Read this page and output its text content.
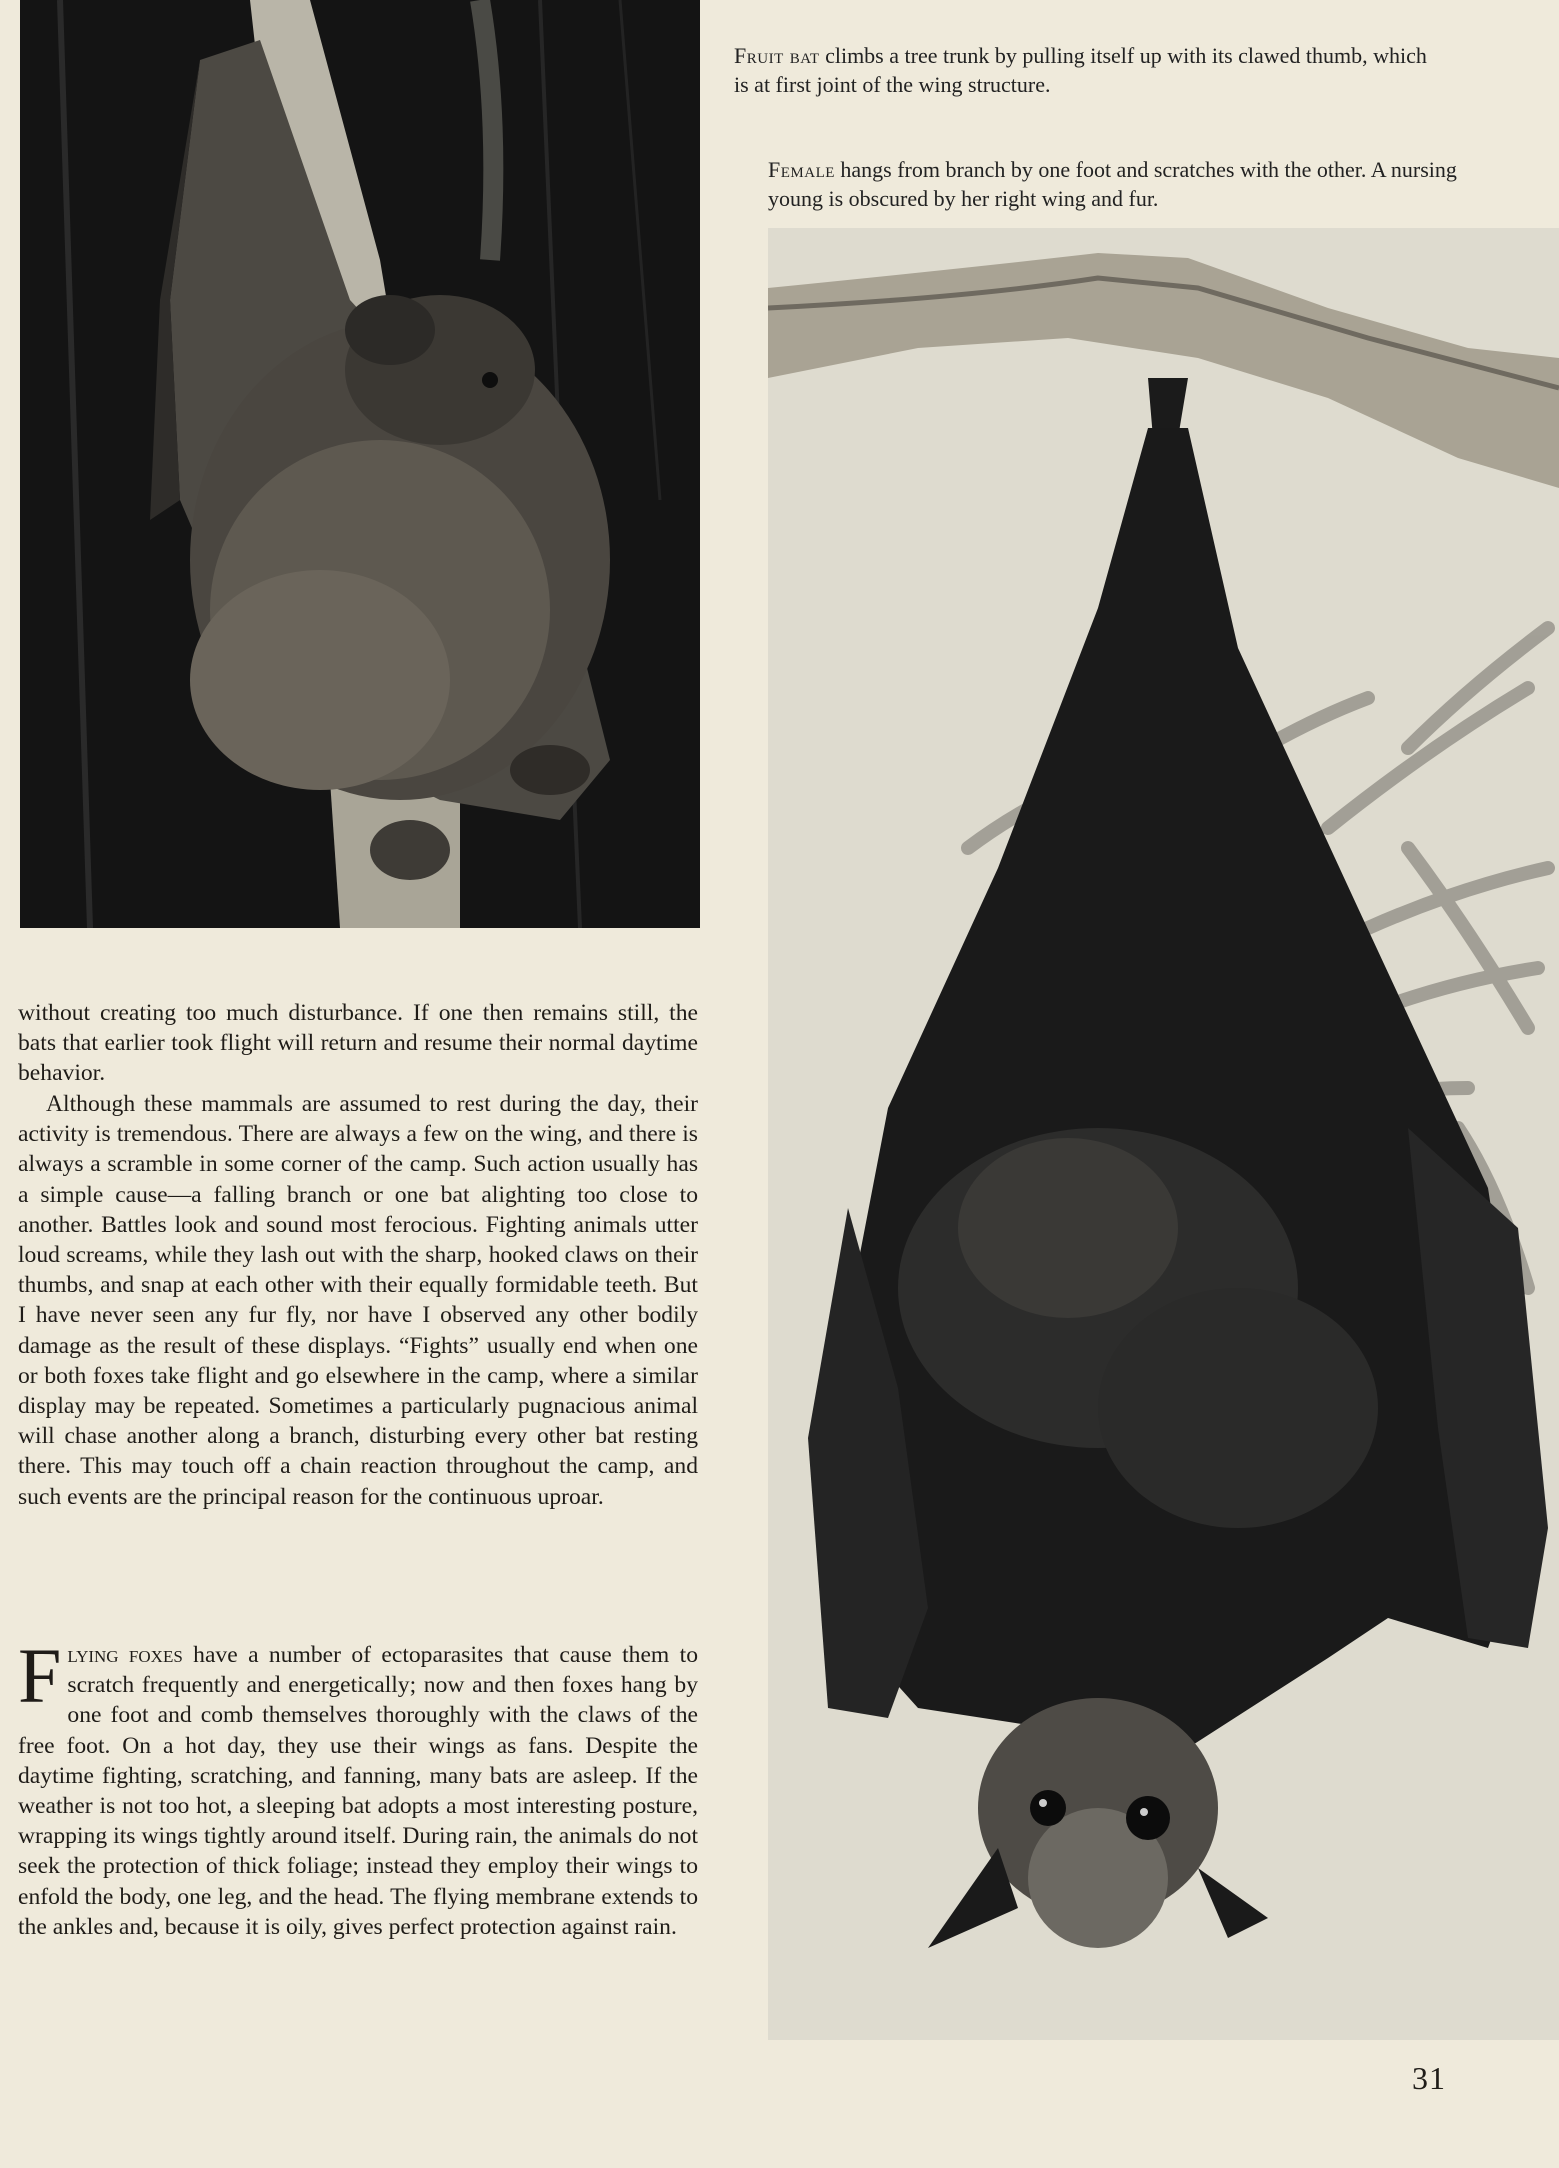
Fruit bat climbs a tree trunk by pulling itself up with its clawed thumb, which is at first joint of the wing structure.
Female hangs from branch by one foot and scratches with the other. A nursing young is obscured by her right wing and fur.

without creating too much disturbance. If one then remains still, the bats that earlier took flight will return and resume their normal daytime behavior.

Although these mammals are assumed to rest during the day, their activity is tremendous. There are always a few on the wing, and there is always a scramble in some corner of the camp. Such action usually has a simple cause—a falling branch or one bat alighting too close to another. Battles look and sound most ferocious. Fighting animals utter loud screams, while they lash out with the sharp, hooked claws on their thumbs, and snap at each other with their equally formidable teeth. But I have never seen any fur fly, nor have I observed any other bodily damage as the result of these displays. “Fights” usually end when one or both foxes take flight and go elsewhere in the camp, where a similar display may be repeated. Sometimes a particularly pugnacious animal will chase another along a branch, disturbing every other bat resting there. This may touch off a chain reaction throughout the camp, and such events are the principal reason for the continuous uproar.

Flying foxes have a number of ectoparasites that cause them to scratch frequently and energetically; now and then foxes hang by one foot and comb themselves thoroughly with the claws of the free foot. On a hot day, they use their wings as fans. Despite the daytime fighting, scratching, and fanning, many bats are asleep. If the weather is not too hot, a sleeping bat adopts a most interesting posture, wrapping its wings tightly around itself. During rain, the animals do not seek the protection of thick foliage; instead they employ their wings to enfold the body, one leg, and the head. The flying membrane extends to the ankles and, because it is oily, gives perfect protection against rain.

31
